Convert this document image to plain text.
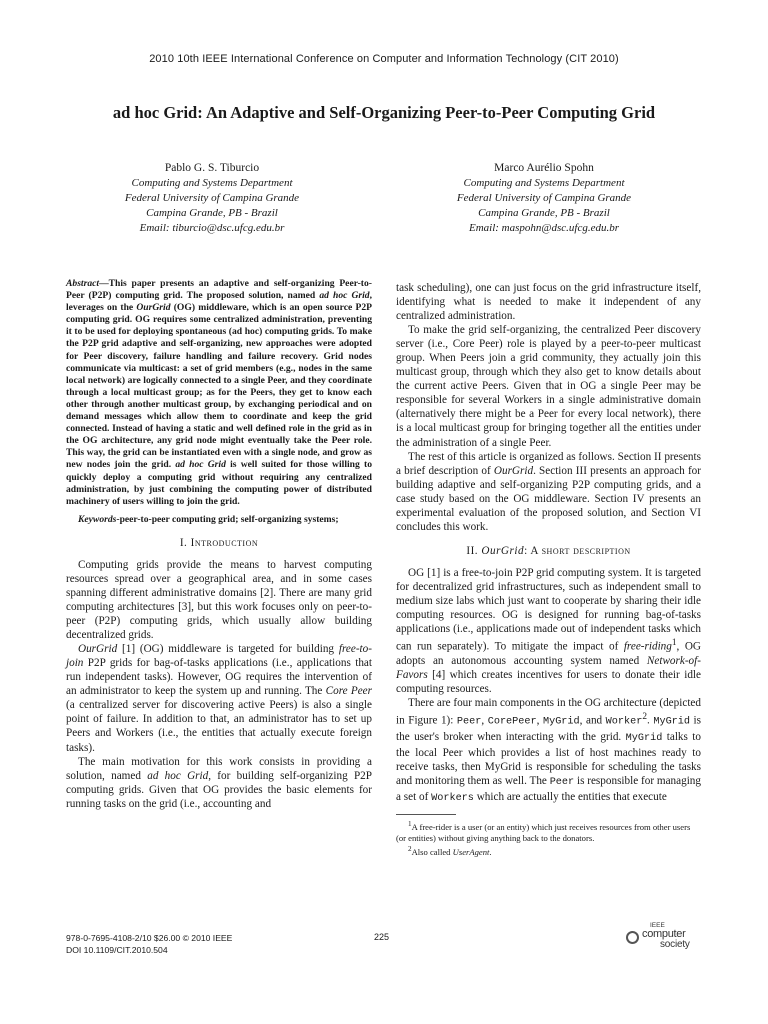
2010 10th IEEE International Conference on Computer and Information Technology (CIT 2010)
ad hoc Grid: An Adaptive and Self-Organizing Peer-to-Peer Computing Grid
Pablo G. S. Tiburcio
Computing and Systems Department
Federal University of Campina Grande
Campina Grande, PB - Brazil
Email: tiburcio@dsc.ufcg.edu.br
Marco Aurélio Spohn
Computing and Systems Department
Federal University of Campina Grande
Campina Grande, PB - Brazil
Email: maspohn@dsc.ufcg.edu.br

Abstract—This paper presents an adaptive and self-organizing Peer-to-Peer (P2P) computing grid. The proposed solution, named ad hoc Grid, leverages on the OurGrid (OG) middleware, which is an open source P2P computing grid. OG requires some centralized administration, preventing it to be used for deploying spontaneous (ad hoc) computing grids. To make the P2P grid adaptive and self-organizing, new approaches were adopted for Peer discovery, failure handling and failure recovery. Grid nodes communicate via multicast: a set of grid members (e.g., nodes in the same local network) are logically connected to a single Peer, and they coordinate through a local multicast group; as for the Peers, they get to know each other through another multicast group, by exchanging periodical and on demand messages which allow them to coordinate and keep the grid connected. Instead of having a static and well defined role in the grid as in the OG architecture, any grid node might eventually take the Peer role. This way, the grid can be instantiated even with a single node, and grow as new nodes join the grid. ad hoc Grid is well suited for those willing to quickly deploy a computing grid without requiring any centralized administration, by just combining the computing power of distributed machinery of users willing to join the grid.

Keywords-peer-to-peer computing grid; self-organizing systems;

I. Introduction

Computing grids provide the means to harvest computing resources spread over a geographical area, and in some cases spanning different administrative domains [2]. There are many grid computing architectures [3], but this work focuses only on peer-to-peer (P2P) computing grids, which usually allow building decentralized grids.

OurGrid [1] (OG) middleware is targeted for building free-to-join P2P grids for bag-of-tasks applications (i.e., applications that run independent tasks). However, OG requires the intervention of an administrator to keep the system up and running. The Core Peer (a centralized server for discovering active Peers) is also a single point of failure. In addition to that, an administrator has to set up Peers and Workers (i.e., the entities that actually execute foreign tasks).

The main motivation for this work consists in providing a solution, named ad hoc Grid, for building self-organizing P2P computing grids. Given that OG provides the basic elements for running tasks on the grid (i.e., accounting and

task scheduling), one can just focus on the grid infrastructure itself, identifying what is needed to make it independent of any centralized administration.

To make the grid self-organizing, the centralized Peer discovery server (i.e., Core Peer) role is played by a peer-to-peer multicast group. When Peers join a grid community, they actually join this multicast group, through which they also get to know details about the current active Peers. Given that in OG a single Peer may be responsible for several Workers in a single administrative domain (alternatively there might be a Peer for every local network), there is a local multicast group for bringing together all the entities under the administration of a single Peer.

The rest of this article is organized as follows. Section II presents a brief description of OurGrid. Section III presents an approach for building adaptive and self-organizing P2P computing grids, and a case study based on the OG middleware. Section IV presents an experimental evaluation of the proposed solution, and Section VI concludes this work.

II. OurGrid: A short description

OG [1] is a free-to-join P2P grid computing system. It is targeted for decentralized grid infrastructures, such as independent small to medium size labs which just want to cooperate by sharing their idle computing resources. OG is designed for running bag-of-tasks applications (i.e., applications made out of independent tasks which can run separately). To mitigate the impact of free-riding$^1$, OG adopts an autonomous accounting system named Network-of-Favors [4] which creates incentives for users to donate their idle computing resources.

There are four main components in the OG architecture (depicted in Figure 1): Peer, CorePeer, MyGrid, and Worker$^2$. MyGrid is the user's broker when interacting with the grid. MyGrid talks to the local Peer which provides a list of host machines ready to receive tasks, then MyGrid is responsible for scheduling the tasks and monitoring them as well. The Peer is responsible for managing a set of Workers which are actually the entities that execute

$^1$A free-rider is a user (or an entity) which just receives resources from other users (or entities) without giving anything back to the donators.

$^2$Also called UserAgent.

978-0-7695-4108-2/10 $26.00 © 2010 IEEE
DOI 10.1109/CIT.2010.504
225
IEEE
computer
society
